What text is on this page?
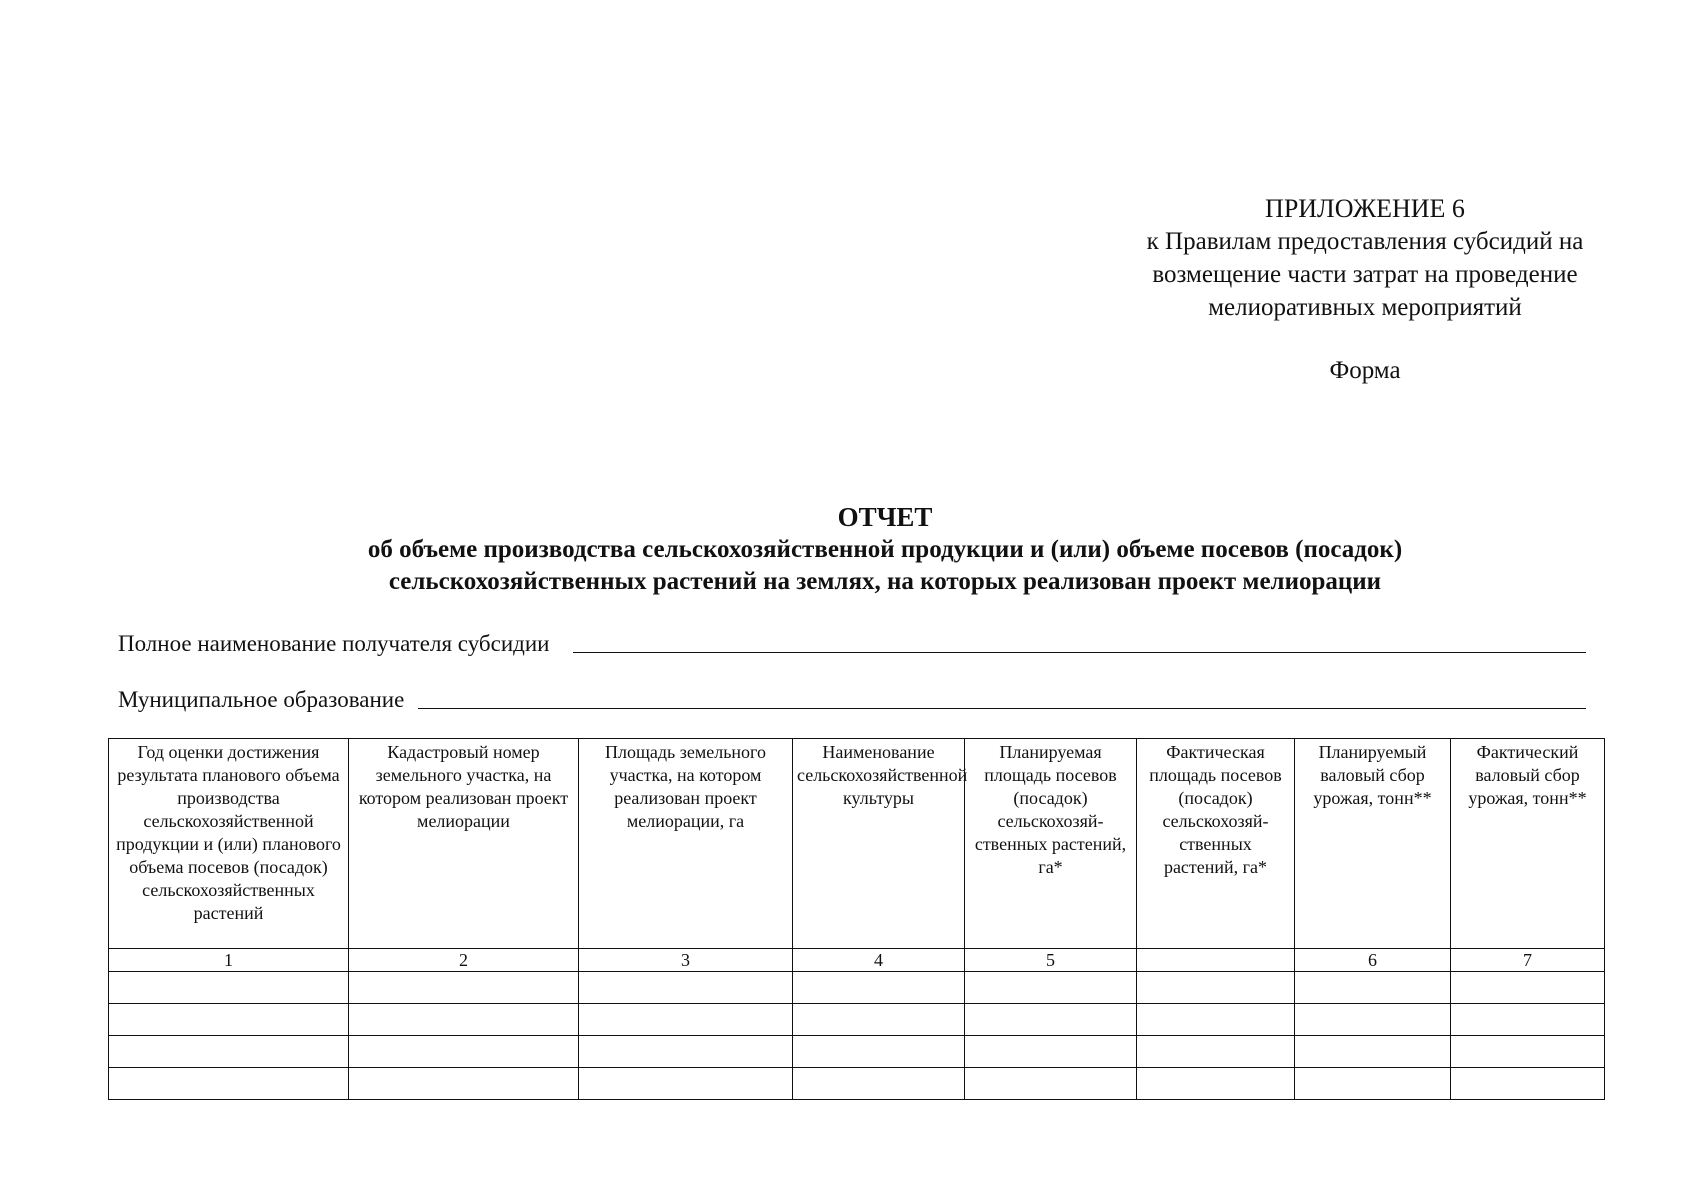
ПРИЛОЖЕНИЕ 6
к Правилам предоставления субсидий на
возмещение части затрат на проведение
мелиоративных мероприятий
Форма
ОТЧЕТ
об объеме производства сельскохозяйственной продукции и (или) объеме посевов (посадок)
сельскохозяйственных растений на землях, на которых реализован проект мелиорации
Полное наименование получателя субсидии
Муниципальное образование
Год оценки достижения результата планового объема производства сельскохозяйственной продукции и (или) планового объема посевов (посадок) сельскохозяйственных растений	Кадастровый номер земельного участка, на котором реализован проект мелиорации	Площадь земельного участка, на котором реализован проект мелиорации, га	Наименование сельскохозяйственной культуры	Планируемая площадь посевов (посадок) сельскохозяй-ственных растений, га*	Фактическая площадь посевов (посадок) сельскохозяй-ственных растений, га*	Планируемый валовый сбор урожая, тонн**	Фактический валовый сбор урожая, тонн**
1	2	3	4	5		6	7
